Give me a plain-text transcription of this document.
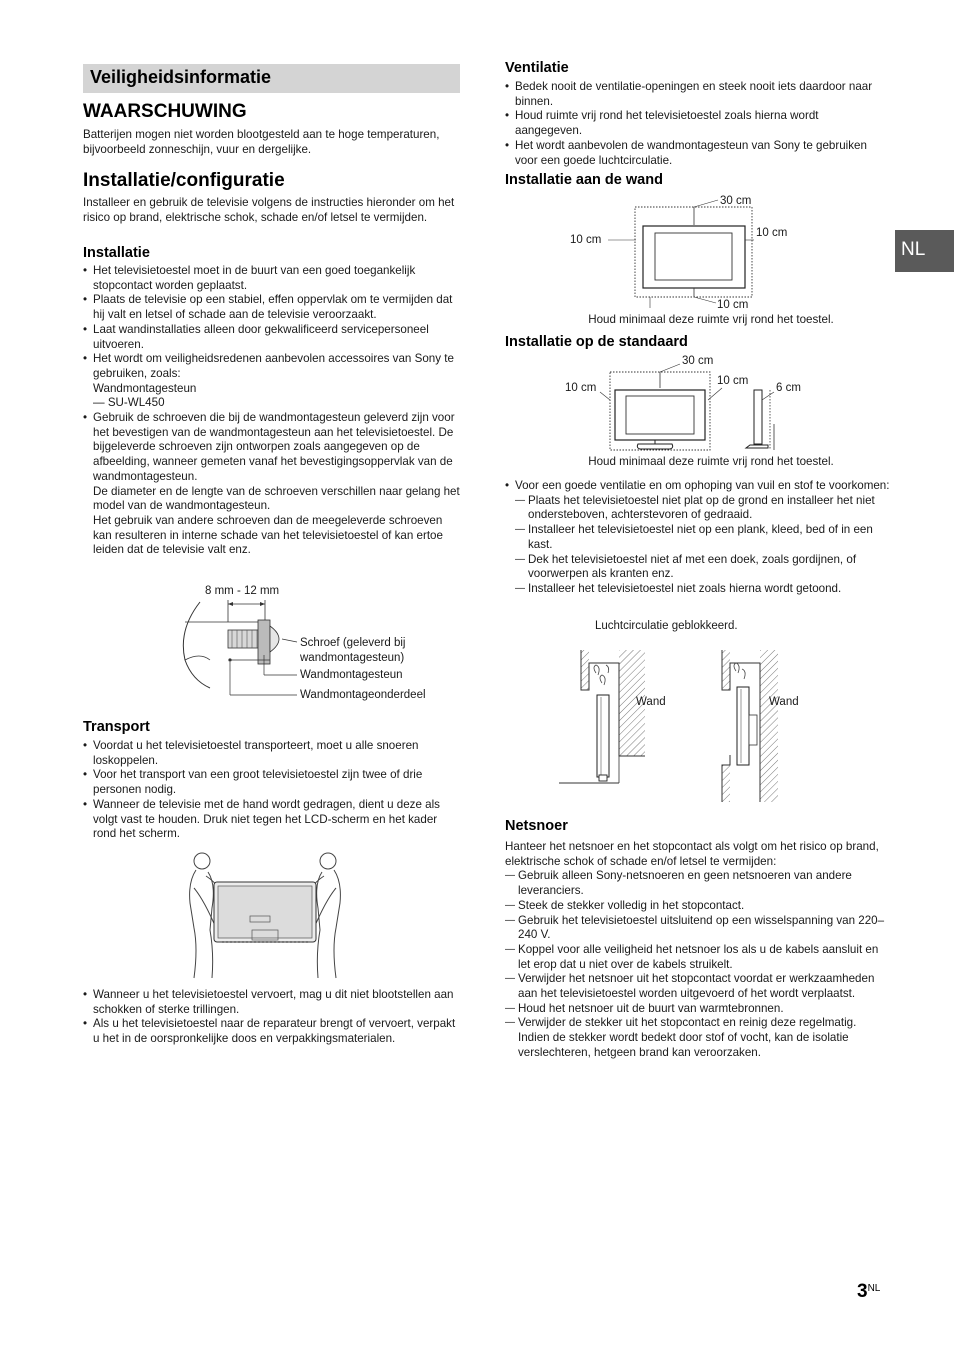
Veiligheidsinformatie
WAARSCHUWING

Batterijen mogen niet worden blootgesteld aan te hoge temperaturen, bijvoorbeeld zonneschijn, vuur en dergelijke.

Installatie/configuratie

Installeer en gebruik de televisie volgens de instructies hieronder om het risico op brand, elektrische schok, schade en/of letsel te vermijden.

Installatie
• Het televisietoestel moet in de buurt van een goed toegankelijk stopcontact worden geplaatst.
• Plaats de televisie op een stabiel, effen oppervlak om te vermijden dat hij valt en letsel of schade aan de televisie veroorzaakt.
• Laat wandinstallaties alleen door gekwalificeerd servicepersoneel uitvoeren.
• Het wordt om veiligheidsredenen aanbevolen accessoires van Sony te gebruiken, zoals:
Wandmontagesteun
— SU-WL450
• Gebruik de schroeven die bij de wandmontagesteun geleverd zijn voor het bevestigen van de wandmontagesteun aan het televisietoestel. De bijgeleverde schroeven zijn ontworpen zoals aangegeven op de afbeelding, wanneer gemeten vanaf het bevestigingsoppervlak van de wandmontagesteun.
De diameter en de lengte van de schroeven verschillen naar gelang het model van de wandmontagesteun.
Het gebruik van andere schroeven dan de meegeleverde schroeven kan resulteren in interne schade van het televisietoestel of kan ertoe leiden dat de televisie valt enz.
8 mm - 12 mm
Schroef (geleverd bij
wandmontagesteun)
Wandmontagesteun
Wandmontageonderdeel
Transport
• Voordat u het televisietoestel transporteert, moet u alle snoeren loskoppelen.
• Voor het transport van een groot televisietoestel zijn twee of drie personen nodig.
• Wanneer de televisie met de hand wordt gedragen, dient u deze als volgt vast te houden. Druk niet tegen het LCD-scherm en het kader rond het scherm.
• Wanneer u het televisietoestel vervoert, mag u dit niet blootstellen aan schokken of sterke trillingen.
• Als u het televisietoestel naar de reparateur brengt of vervoert, verpakt u het in de oorspronkelijke doos en verpakkingsmaterialen.
Ventilatie
• Bedek nooit de ventilatie-openingen en steek nooit iets daardoor naar binnen.
• Houd ruimte vrij rond het televisietoestel zoals hierna wordt aangegeven.
• Het wordt aanbevolen de wandmontagesteun van Sony te gebruiken voor een goede luchtcirculatie.
Installatie aan de wand
30 cm
10 cm
10 cm
10 cm

Houd minimaal deze ruimte vrij rond het toestel.

Installatie op de standaard
30 cm
10 cm
10 cm
6 cm

Houd minimaal deze ruimte vrij rond het toestel.

• Voor een goede ventilatie en om ophoping van vuil en stof te voorkomen:
— Plaats het televisietoestel niet plat op de grond en installeer het niet ondersteboven, achterstevoren of gedraaid.
— Installeer het televisietoestel niet op een plank, kleed, bed of in een kast.
— Dek het televisietoestel niet af met een doek, zoals gordijnen, of voorwerpen als kranten enz.
— Installeer het televisietoestel niet zoals hierna wordt getoond.
Luchtcirculatie geblokkeerd.
Wand	Wand
Netsnoer

Hanteer het netsnoer en het stopcontact als volgt om het risico op brand, elektrische schok of schade en/of letsel te vermijden:

— Gebruik alleen Sony-netsnoeren en geen netsnoeren van andere leveranciers.
— Steek de stekker volledig in het stopcontact.
— Gebruik het televisietoestel uitsluitend op een wisselspanning van 220–240 V.
— Koppel voor alle veiligheid het netsnoer los als u de kabels aansluit en let erop dat u niet over de kabels struikelt.
— Verwijder het netsnoer uit het stopcontact voordat er werkzaamheden aan het televisietoestel worden uitgevoerd of het wordt verplaatst.
— Houd het netsnoer uit de buurt van warmtebronnen.
— Verwijder de stekker uit het stopcontact en reinig deze regelmatig. Indien de stekker wordt bedekt door stof of vocht, kan de isolatie verslechteren, hetgeen brand kan veroorzaken.
NL
$3^{NL}$
